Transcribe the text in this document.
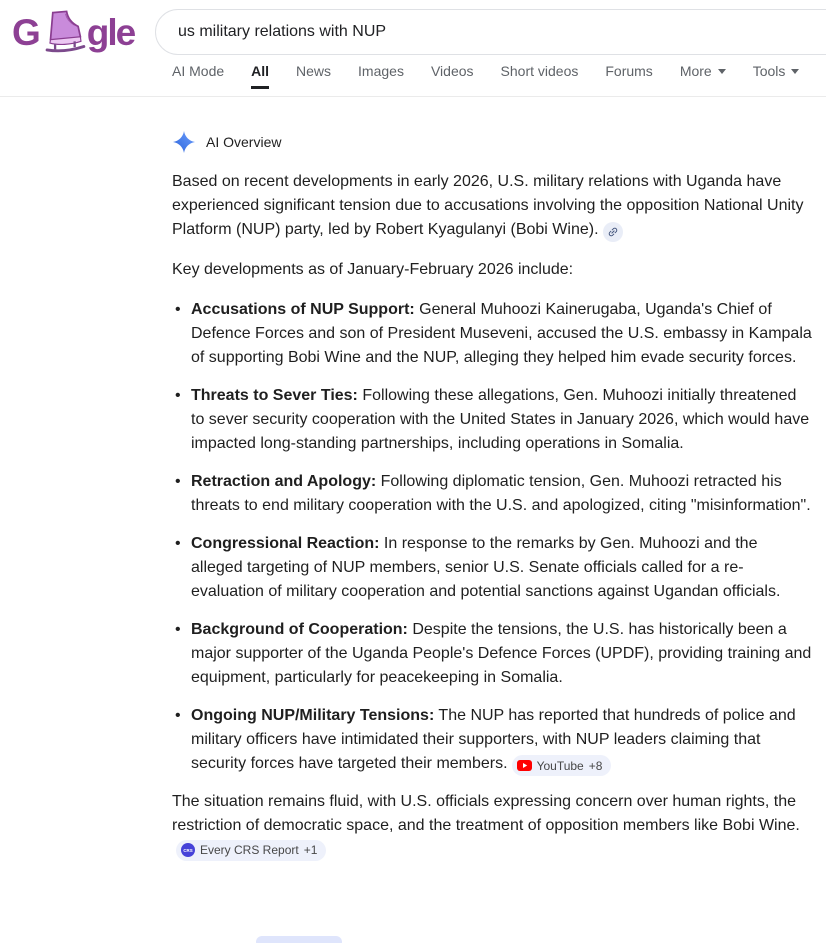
G gle	us military relations with NUP
AI Mode All News Images Videos Short videos Forums More	Tools
AI Overview

Based on recent developments in early 2026, U.S. military relations with Uganda have experienced significant tension due to accusations involving the opposition National Unity Platform (NUP) party, led by Robert Kyagulanyi (Bobi Wine).

Key developments as of January-February 2026 include:

• Accusations of NUP Support: General Muhoozi Kainerugaba, Uganda's Chief of Defence Forces and son of President Museveni, accused the U.S. embassy in Kampala of supporting Bobi Wine and the NUP, alleging they helped him evade security forces.
• Threats to Sever Ties: Following these allegations, Gen. Muhoozi initially threatened to sever security cooperation with the United States in January 2026, which would have impacted long-standing partnerships, including operations in Somalia.
• Retraction and Apology: Following diplomatic tension, Gen. Muhoozi retracted his threats to end military cooperation with the U.S. and apologized, citing "misinformation".
• Congressional Reaction: In response to the remarks by Gen. Muhoozi and the alleged targeting of NUP members, senior U.S. Senate officials called for a re-evaluation of military cooperation and potential sanctions against Ugandan officials.
• Background of Cooperation: Despite the tensions, the U.S. has historically been a major supporter of the Uganda People's Defence Forces (UPDF), providing training and equipment, particularly for peacekeeping in Somalia.
• Ongoing NUP/Military Tensions: The NUP has reported that hundreds of police and military officers have intimidated their supporters, with NUP leaders claiming that security forces have targeted their members. YouTube +8

The situation remains fluid, with U.S. officials expressing concern over human rights, the restriction of democratic space, and the treatment of opposition members like Bobi Wine.
CRS Every CRS Report +1
